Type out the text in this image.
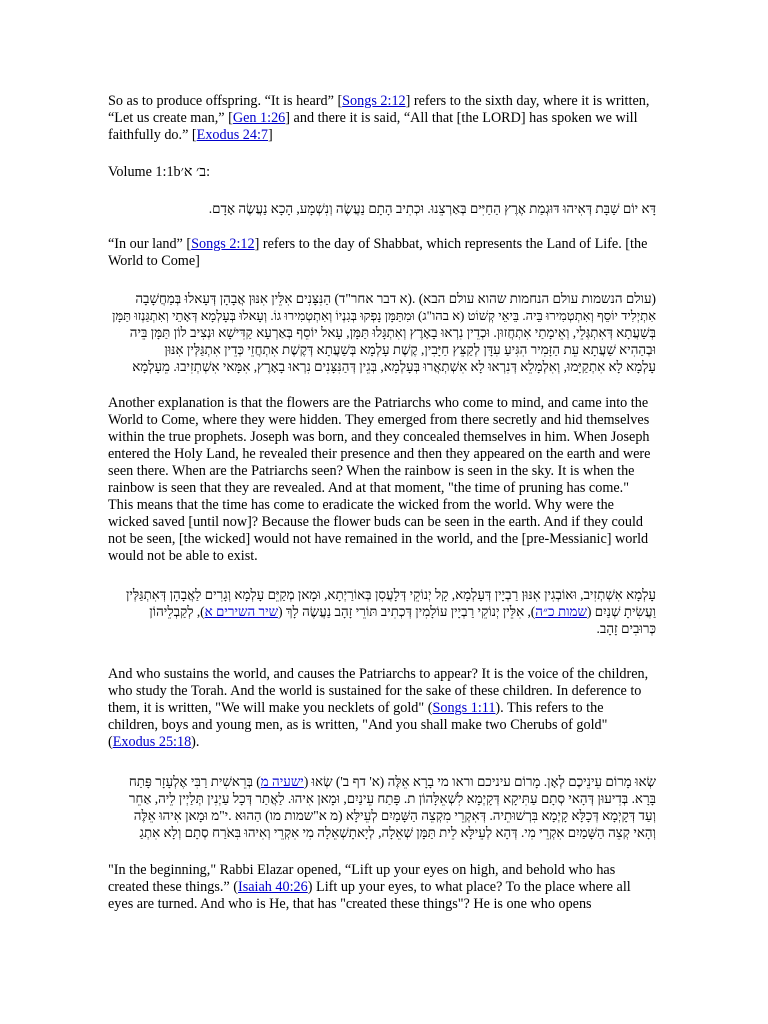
So as to produce offspring. “It is heard” [Songs 2:12] refers to the sixth day, where it is written, “Let us create man,” [Gen 1:26] and there it is said, “All that [the LORD] has spoken we will faithfully do.” [Exodus 24:7]

Volume 1:1bב׳ א׳:

דָּא יוֹם שַׁבָּת דְּאִיהוּ דּוּגְמַת אֶרֶץ הַחַיִּים בְּאַרְצֵנוּ. וּכְתִיב הָתָם נַעֲשֶׂה וְנִשְׁמָע, הָכָא נַעֲשֶׂה אָדָם.

“In our land” [Songs 2:12] refers to the day of Shabbat, which represents the Land of Life. [the World to Come]

(עולם הנשמות עולם הנחמות שהוא עולם הבא) .(א דבר אחר"ד) הַנִּצָּנִים אִלֵּין אִנּוּן אֲבָהָן דְּעָאלוּ בְּמַחֲשָׁבָה
אִתְיְלִיד יוֹסֵף וְאִתְטְמִירוּ בֵּיה. בֵּיאֵי קְשׁוֹט (א בהו"ג) וּמִתַּמָּן נָפְקוּ בְּגִנְיוֹ וְאִתְטְמִירוּ גוֹ. וְעָאלוּ בְּעָלְמָא דְּאָתֵי וְאִתְגַּנְזוּ תַּמָּן
בְּשַׁעֲתָא דְּאִתְגְּלֵי, וְאֵימָתַי אִתְחֲזוּן. וּכְדֵין נִרְאוּ בָאָרֶץ וְאִתְגָּלוּ תַּמָּן, עָאל יוֹסֵף בְּאַרְעָא קַדִּישָׁא וּנְצִיב לוֹן תַּמָּן בֵּיה
וּבְהַהִיא שַׁעֲתָא עֵת הַזָּמִיר הִגִּיעַ עִדָּן לְקַצֵּץ חַיָּבִין, קֶשֶׁת עָלְמָא בְּשַׁעֲתָא דְּקֶשֶׁת אִתְחֲזֵי כְּדֵין אִתְגַּלְּין אִנּוּן
עָלְמָא לָא אִתְקַיָּמוּ, וְאִלְמָלֵא דְּנִרְאוּ לָא אִשְׁתְאֲרוּ בְּעָלְמָא, בְּגֵין דְּהַנִּצָּנִים נִרְאוּ בָאָרֶץ, אִמָּאי אִשְׁתְזִיבוּ. מֵעָלְמָא

Another explanation is that the flowers are the Patriarchs who come to mind, and came into the World to Come, where they were hidden. They emerged from there secretly and hid themselves within the true prophets. Joseph was born, and they concealed themselves in him. When Joseph entered the Holy Land, he revealed their presence and then they appeared on the earth and were seen there. When are the Patriarchs seen? When the rainbow is seen in the sky. It is when the rainbow is seen that they are revealed. And at that moment, "the time of pruning has come." This means that the time has come to eradicate the wicked from the world. Why were the wicked saved [until now]? Because the flower buds can be seen in the earth. And if they could not be seen, [the wicked] would not have remained in the world, and the [pre-Messianic] world would not be able to exist.

עָלְמָא אִשְׁתְזִיב, וּאוֹבְגִין אִנּוּן רַבְיָין דְּעָלְמָא, קָל יְנוֹקֵי דְּלָעֲסִן בְּאוֹרַיְתָא, וּמָאן מְקַיֵּם עָלְמָא וְגָרִים לַאֲבָהָן דְּאִתְגַּלְּין
וַעֲשִׂיתָ שְׁנַיִם (שמות כ״ה), אִלֵּין יְנוֹקֵי רַבְיָין עוֹלָמִין דְּכְתִיב תּוֹרֵי זָהָב נַעֲשֶׂה לָךְ (שיר השירים א), לְקַבְלֵיהוֹן
כְּרוּבִים זָהָב.

And who sustains the world, and causes the Patriarchs to appear? It is the voice of the children, who study the Torah. And the world is sustained for the sake of these children. In deference to them, it is written, "We will make you necklets of gold" (Songs 1:11). This refers to the children, boys and young men, as is written, "And you shall make two Cherubs of gold" (Exodus 25:18).

שְׂאוּ מָרוֹם עֵינֵיכֶם לְאָן. מָרוֹם עיניכם וראו מי בָרָא אֵלֶּה (א' דף ב') שְׂאוּ (ישעיה מ) בְּרֵאשִׁית רַבִּי אֶלְעָזָר פָּתַח
בָּרָא. בְּדִיעוּן דְּהָאי סְתָם עַתִּיקָא דְּקָיְמָא לִשְׁאֵלָּהוֹן ת. פָּתַח עֵינַיִם, וּמָאן אִיהוּ. לַאֲתַר דְּכָל עַיְנִין תְּלַיְין לֵיה, אַחֵר
וְעַד דְּקָיְמָא דְּכָלָּא קָיְמָא בִּרְשׁוּתֵיה. דְּאִקְרֵי מִקְצֵה הַשָּׁמַיִם לְעֵילָּא (מ א"שמות מו) הַהוּא .י"מ וּמָאן אִיהוּ אֵלֶּה
וְהָאי קְצֵה הַשָּׁמַיִם אִקְרֵי מִי. דְּהָא לְעֵילָּא לֵית תַּמָּן שְׁאֵלָה, לְיָאתָשְׁאֵלָה מִי אִקְרֵי וְאִיהוּ בִּאֹרַח סְתָם וְלָא אִתְגַ

"In the beginning," Rabbi Elazar opened, “Lift up your eyes on high, and behold who has created these things.” (Isaiah 40:26) Lift up your eyes, to what place? To the place where all eyes are turned. And who is He, that has "created these things"? He is one who opens
